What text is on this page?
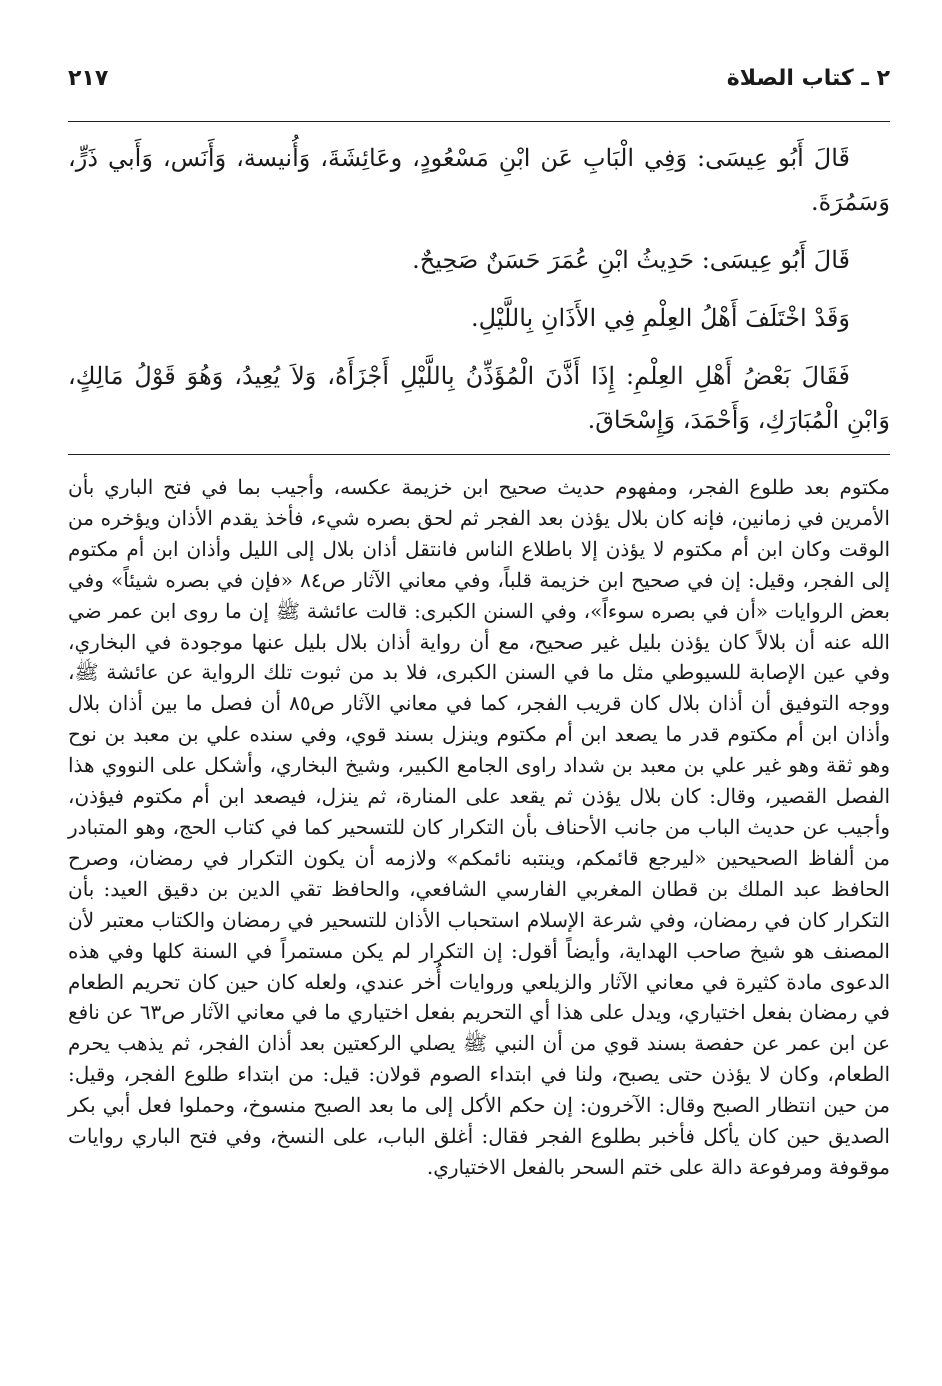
٢ ـ كتاب الصلاة
٢١٧

قَالَ أَبُو عِيسَى: وَفِي الْبَابِ عَن ابْنِ مَسْعُودٍ، وعَائِشَةَ، وَأُنيسة، وَأَنَس، وَأَبي ذَرٍّ، وَسَمُرَةَ.

قَالَ أَبُو عِيسَى: حَدِيثُ ابْنِ عُمَرَ حَسَنٌ صَحِيحٌ.

وَقَدْ اخْتَلَفَ أَهْلُ العِلْمِ فِي الأَذَانِ بِاللَّيْلِ.

فَقَالَ بَعْضُ أَهْلِ العِلْمِ: إِذَا أَذَّنَ الْمُؤَذِّنُ بِاللَّيْلِ أَجْزَأَهُ، وَلاَ يُعِيدُ، وَهُوَ قَوْلُ مَالِكٍ، وَابْنِ الْمُبَارَكِ، وَأَحْمَدَ، وَإِسْحَاقَ.

مكتوم بعد طلوع الفجر، ومفهوم حديث صحيح ابن خزيمة عكسه، وأجيب بما في فتح الباري بأن الأمرين في زمانين، فإنه كان بلال يؤذن بعد الفجر ثم لحق بصره شيء، فأخذ يقدم الأذان ويؤخره من الوقت وكان ابن أم مكتوم لا يؤذن إلا باطلاع الناس فانتقل أذان بلال إلى الليل وأذان ابن أم مكتوم إلى الفجر، وقيل: إن في صحيح ابن خزيمة قلباً، وفي معاني الآثار ص٨٤ «فإن في بصره شيئاً» وفي بعض الروايات «أن في بصره سوءاً»، وفي السنن الكبرى: قالت عائشة ﷺ إن ما روى ابن عمر ضي الله عنه أن بلالاً كان يؤذن بليل غير صحيح، مع أن رواية أذان بلال بليل عنها موجودة في البخاري، وفي عين الإصابة للسيوطي مثل ما في السنن الكبرى، فلا بد من ثبوت تلك الرواية عن عائشة ﷺ، ووجه التوفيق أن أذان بلال كان قريب الفجر، كما في معاني الآثار ص٨٥ أن فصل ما بين أذان بلال وأذان ابن أم مكتوم قدر ما يصعد ابن أم مكتوم وينزل بسند قوي، وفي سنده علي بن معبد بن نوح وهو ثقة وهو غير علي بن معبد بن شداد راوى الجامع الكبير، وشيخ البخاري، وأشكل على النووي هذا الفصل القصير، وقال: كان بلال يؤذن ثم يقعد على المنارة، ثم ينزل، فيصعد ابن أم مكتوم فيؤذن، وأجيب عن حديث الباب من جانب الأحناف بأن التكرار كان للتسحير كما في كتاب الحج، وهو المتبادر من ألفاظ الصحيحين «ليرجع قائمكم، وينتبه نائمكم» ولازمه أن يكون التكرار في رمضان، وصرح الحافظ عبد الملك بن قطان المغربي الفارسي الشافعي، والحافظ تقي الدين بن دقيق العيد: بأن التكرار كان في رمضان، وفي شرعة الإسلام استحباب الأذان للتسحير في رمضان والكتاب معتبر لأن المصنف هو شيخ صاحب الهداية، وأيضاً أقول: إن التكرار لم يكن مستمراً في السنة كلها وفي هذه الدعوى مادة كثيرة في معاني الآثار والزيلعي وروايات أُخر عندي، ولعله كان حين كان تحريم الطعام في رمضان بفعل اختياري، ويدل على هذا أي التحريم بفعل اختياري ما في معاني الآثار ص٦٣ عن نافع عن ابن عمر عن حفصة بسند قوي من أن النبي ﷺ يصلي الركعتين بعد أذان الفجر، ثم يذهب يحرم الطعام، وكان لا يؤذن حتى يصبح، ولنا في ابتداء الصوم قولان: قيل: من ابتداء طلوع الفجر، وقيل: من حين انتظار الصبح وقال: الآخرون: إن حكم الأكل إلى ما بعد الصبح منسوخ، وحملوا فعل أبي بكر الصديق حين كان يأكل فأخبر بطلوع الفجر فقال: أغلق الباب، على النسخ، وفي فتح الباري روايات موقوفة ومرفوعة دالة على ختم السحر بالفعل الاختياري.
